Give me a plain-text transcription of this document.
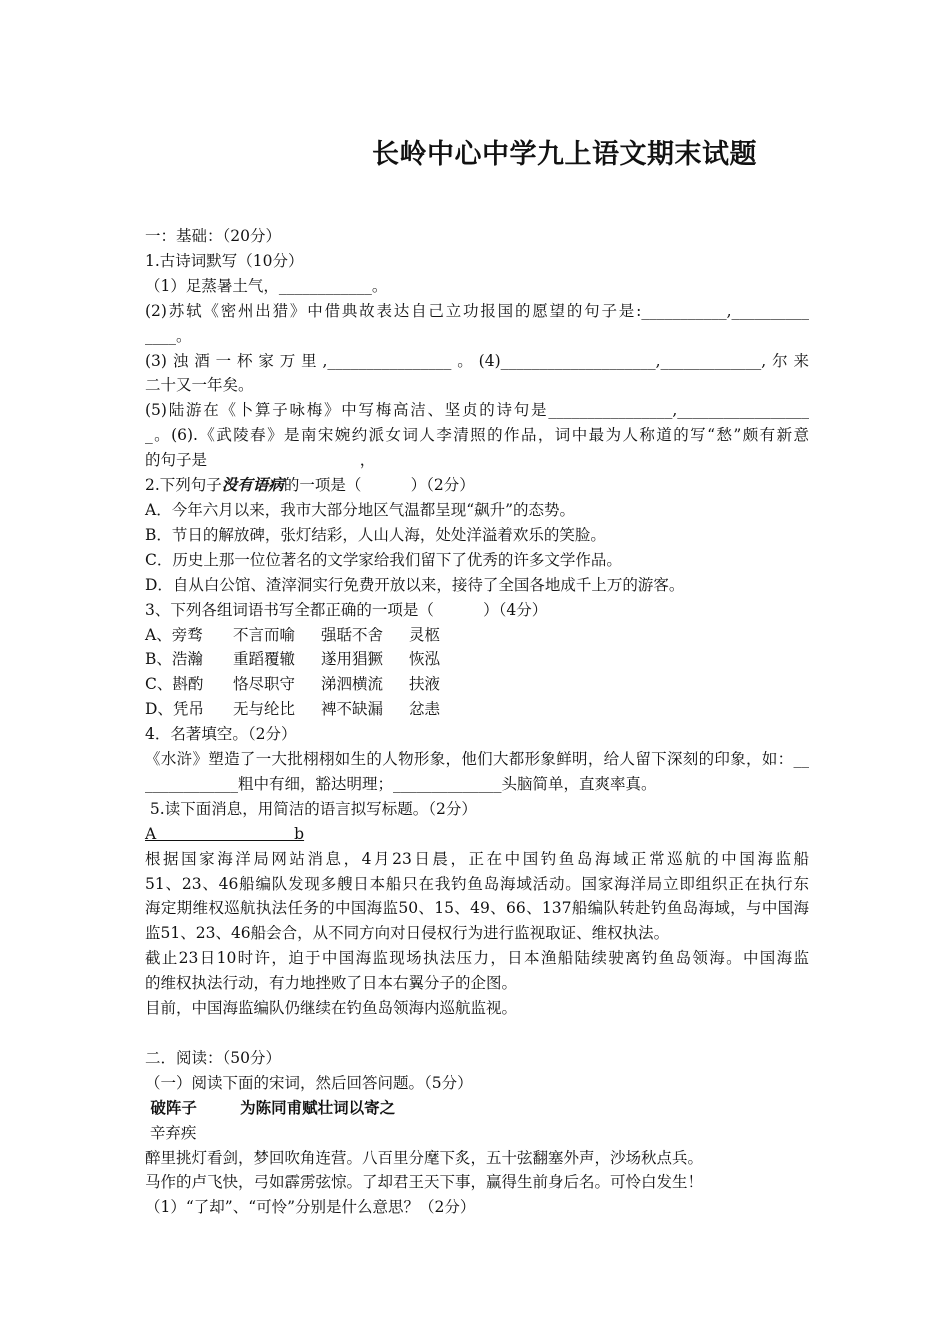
长岭中心中学九上语文期末试题

一：基础：（20分）

1.古诗词默写（10分）

（1）足蒸暑土气，____________。

(2)苏轼《密州出猎》中借典故表达自己立功报国的愿望的句子是:___________,__________

____。

(3)浊酒一杯家万里,________________。(4)____________________,_____________,尔来

二十又一年矣。

(5)陆游在《卜算子咏梅》中写梅高洁、坚贞的诗句是________________,_________________

_。(6).《武陵春》是南宋婉约派女词人李清照的作品，词中最为人称道的写“愁”颇有新意

的句子是                               ，

2.下列句子没有语病的一项是（          ）（2分）

A．今年六月以来，我市大部分地区气温都呈现“飙升”的态势。

B．节日的解放碑，张灯结彩，人山人海，处处洋溢着欢乐的笑脸。

C．历史上那一位位著名的文学家给我们留下了优秀的许多文学作品。

D．自从白公馆、渣滓洞实行免费开放以来，接待了全国各地成千上万的游客。

3、下列各组词语书写全都正确的一项是（          ）（4分）

A、旁骛 不言而喻 强聒不舍 灵柩

B、浩瀚 重蹈覆辙 遂用猖獗 恢泓

C、斟酌 恪尽职守 涕泗横流 扶液

D、凭吊 无与纶比 裨不缺漏 忿恚

4．名著填空。（2分）

《水浒》塑造了一大批栩栩如生的人物形象，他们大都形象鲜明，给人留下深刻的印象，如：__

____________粗中有细，豁达明理；______________头脑简单，直爽率真。

5.读下面消息，用简洁的语言拟写标题。（2分）

A                            b

根据国家海洋局网站消息，4月23日晨，正在中国钓鱼岛海域正常巡航的中国海监船

51、23、46船编队发现多艘日本船只在我钓鱼岛海域活动。国家海洋局立即组织正在执行东

海定期维权巡航执法任务的中国海监50、15、49、66、137船编队转赴钓鱼岛海域，与中国海

监51、23、46船会合，从不同方向对日侵权行为进行监视取证、维权执法。

截止23日10时许，迫于中国海监现场执法压力，日本渔船陆续驶离钓鱼岛领海。中国海监

的维权执法行动，有力地挫败了日本右翼分子的企图。

目前，中国海监编队仍继续在钓鱼岛领海内巡航监视。

二．阅读：（50分）

（一）阅读下面的宋词，然后回答问题。（5分）

破阵子        为陈同甫赋壮词以寄之

辛弃疾

醉里挑灯看剑，梦回吹角连营。八百里分麾下炙，五十弦翻塞外声，沙场秋点兵。

马作的卢飞快，弓如霹雳弦惊。了却君王天下事，赢得生前身后名。可怜白发生！

（1）“了却”、“可怜”分别是什么意思？（2分）
